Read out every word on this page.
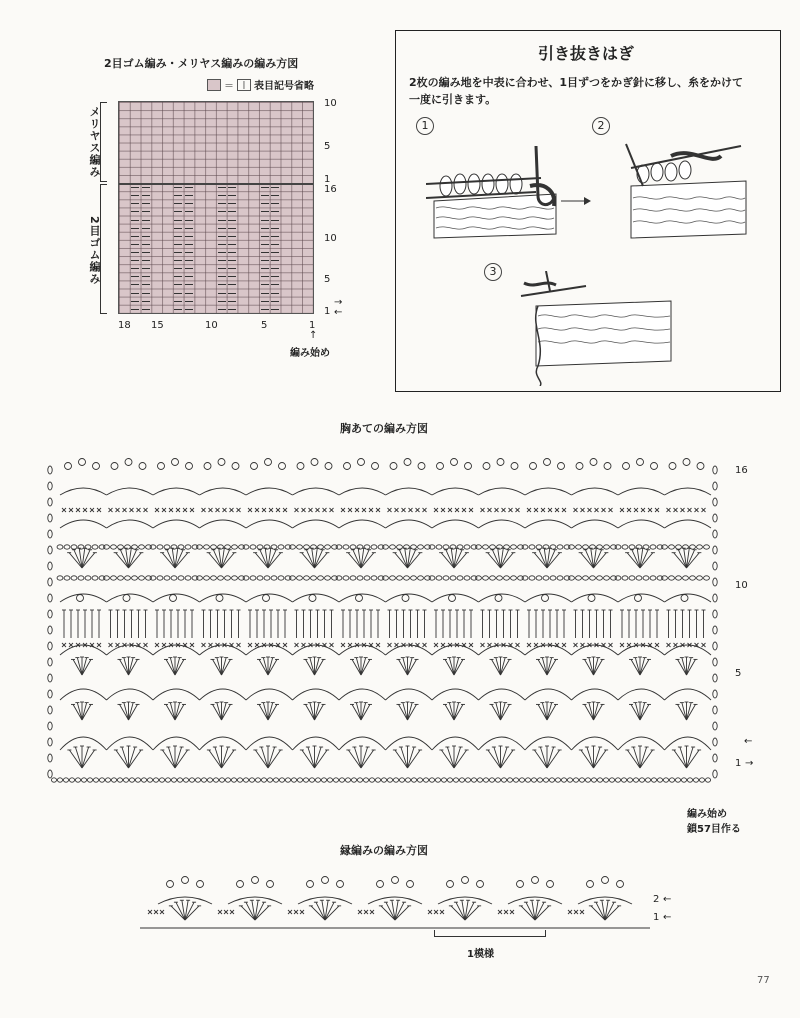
2目ゴム編み・メリヤス編みの編み方図
＝	| 表目記号省略
メリヤス編み
2目ゴム編み
10
5
1
16
10
5
1
→
←
18 15	10	5	1
↑
編み始め
引き抜きはぎ
2枚の編み地を中表に合わせ、1目ずつをかぎ針に移し、糸をかけて
一度に引きます。
1	2
3
胸あての編み方図
16
10
5
1
←
→
編み始め
鎖57目作る
縁編みの編み方図
2 ←
1 ←
1模様
77
